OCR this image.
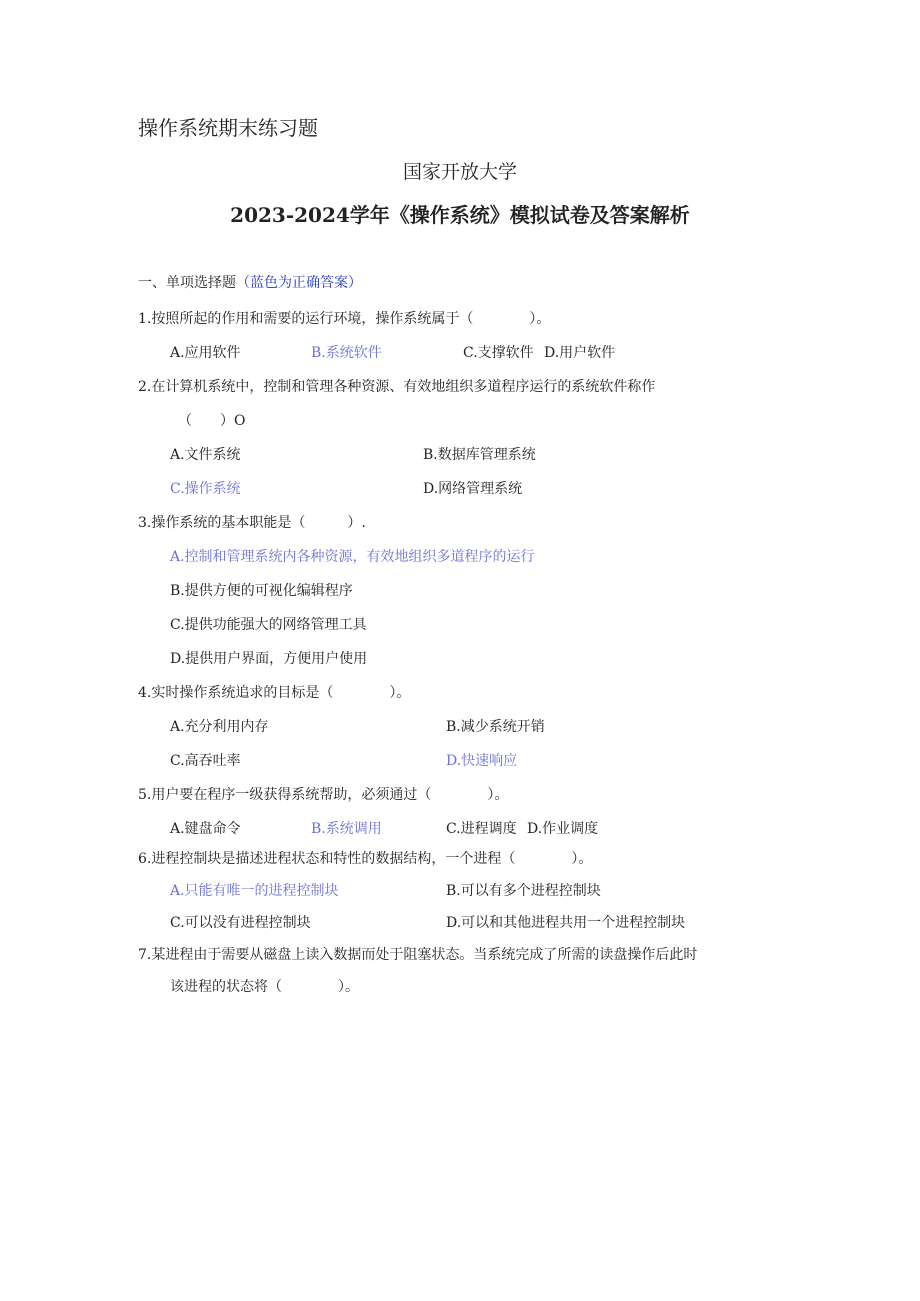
操作系统期末练习题
国家开放大学
2023-2024学年《操作系统》模拟试卷及答案解析
一、单项选择题（蓝色为正确答案）
1.按照所起的作用和需要的运行环境，操作系统属于（　　　　）。
A.应用软件	B.系统软件	C.支撑软件 D.用户软件
2.在计算机系统中，控制和管理各种资源、有效地组织多道程序运行的系统软件称作
（　　）O
A.文件系统	B.数据库管理系统
C.操作系统	D.网络管理系统
3.操作系统的基本职能是（　　　）.
A.控制和管理系统内各种资源，有效地组织多道程序的运行
B.提供方便的可视化编辑程序
C.提供功能强大的网络管理工具
D.提供用户界面，方便用户使用
4.实时操作系统追求的目标是（　　　　）。
A.充分利用内存	B.减少系统开销
C.高吞吐率	D.快速响应
5.用户要在程序一级获得系统帮助，必须通过（　　　　）。
A.键盘命令	B.系统调用	C.进程调度 D.作业调度
6.进程控制块是描述进程状态和特性的数据结构，一个进程（　　　　）。
A.只能有唯一的进程控制块	B.可以有多个进程控制块
C.可以没有进程控制块	D.可以和其他进程共用一个进程控制块
7.某进程由于需要从磁盘上读入数据而处于阻塞状态。当系统完成了所需的读盘操作后此时
该进程的状态将（　　　　）。
